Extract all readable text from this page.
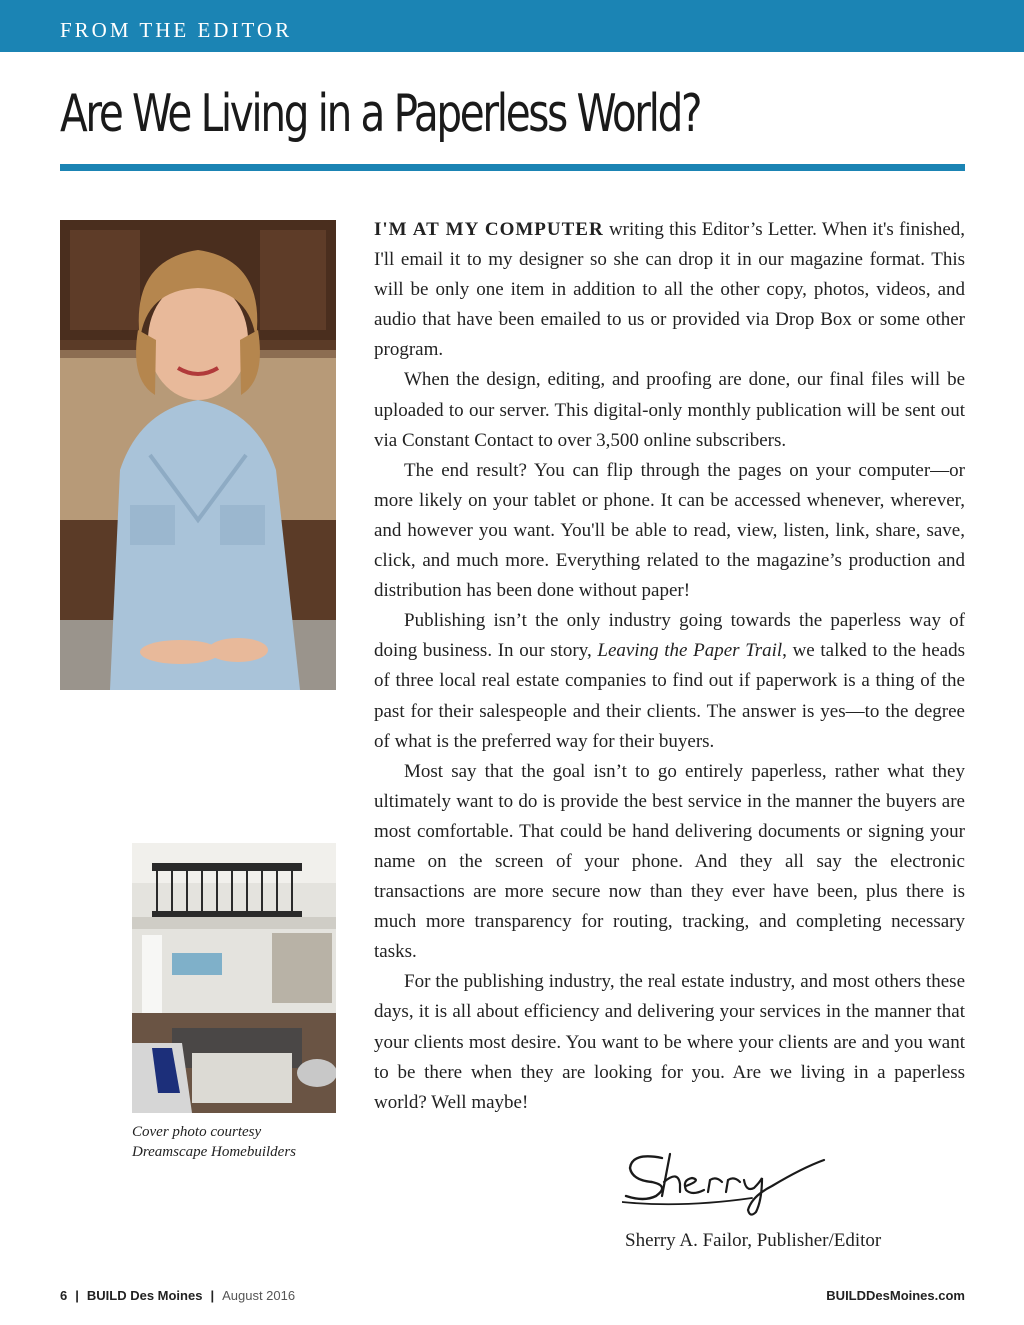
FROM THE EDITOR
Are We Living in a Paperless World?

I'M AT MY COMPUTER writing this Editor’s Letter. When it's finished, I'll email it to my designer so she can drop it in our magazine format. This will be only one item in addition to all the other copy, photos, videos, and audio that have been emailed to us or provided via Drop Box or some other program.

When the design, editing, and proofing are done, our final files will be uploaded to our server. This digital-only monthly publication will be sent out via Constant Contact to over 3,500 online subscribers.

The end result? You can flip through the pages on your computer—or more likely on your tablet or phone. It can be accessed whenever, wherever, and however you want. You'll be able to read, view, listen, link, share, save, click, and much more. Everything related to the magazine’s production and distribution has been done without paper!

Publishing isn’t the only industry going towards the paperless way of doing business. In our story, Leaving the Paper Trail, we talked to the heads of three local real estate companies to find out if paperwork is a thing of the past for their salespeople and their clients. The answer is yes—to the degree of what is the preferred way for their buyers.

Most say that the goal isn’t to go entirely paperless, rather what they ultimately want to do is provide the best service in the manner the buyers are most comfortable. That could be hand delivering documents or signing your name on the screen of your phone. And they all say the electronic transactions are more secure now than they ever have been, plus there is much more transparency for routing, tracking, and completing necessary tasks.

For the publishing industry, the real estate industry, and most others these days, it is all about efficiency and delivering your services in the manner that your clients most desire. You want to be where your clients are and you want to be there when they are looking for you. Are we living in a paperless world? Well maybe!

Cover photo courtesy
Dreamscape Homebuilders
Sherry A. Failor, Publisher/Editor
6 | BUILD Des Moines | August 2016	BUILDDesMoines.com
